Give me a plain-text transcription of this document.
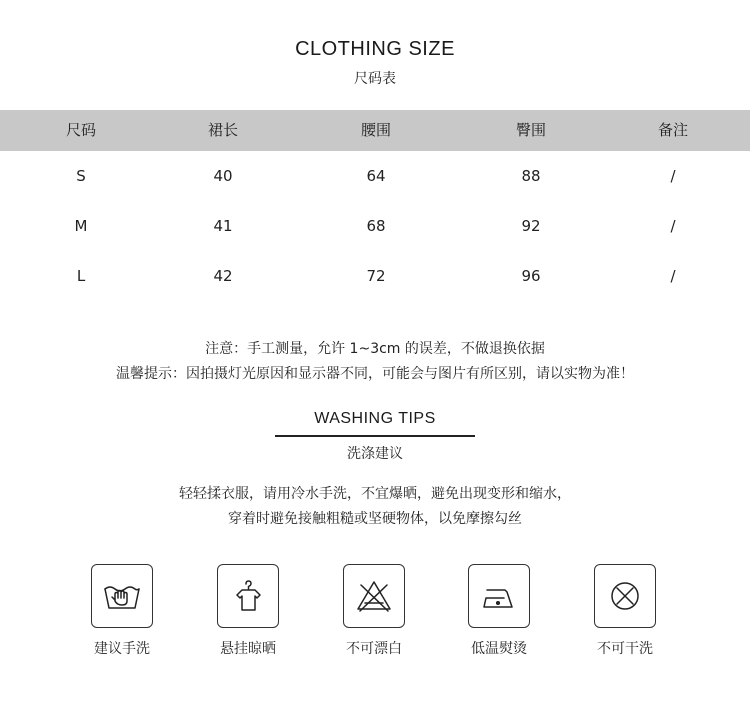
CLOTHING SIZE
尺码表
尺码	裙长	腰围	臀围	备注
S	40	64	88	/
M	41	68	92	/
L	42	72	96	/
注意：手工测量，允许 1~3cm 的误差，不做退换依据
温馨提示：因拍摄灯光原因和显示器不同，可能会与图片有所区别，请以实物为准！
WASHING TIPS
洗涤建议
轻轻揉衣服，请用冷水手洗，不宜爆晒，避免出现变形和缩水，
穿着时避免接触粗糙或坚硬物体，以免摩擦勾丝
建议手洗	悬挂晾晒	不可漂白	低温熨烫	不可干洗
